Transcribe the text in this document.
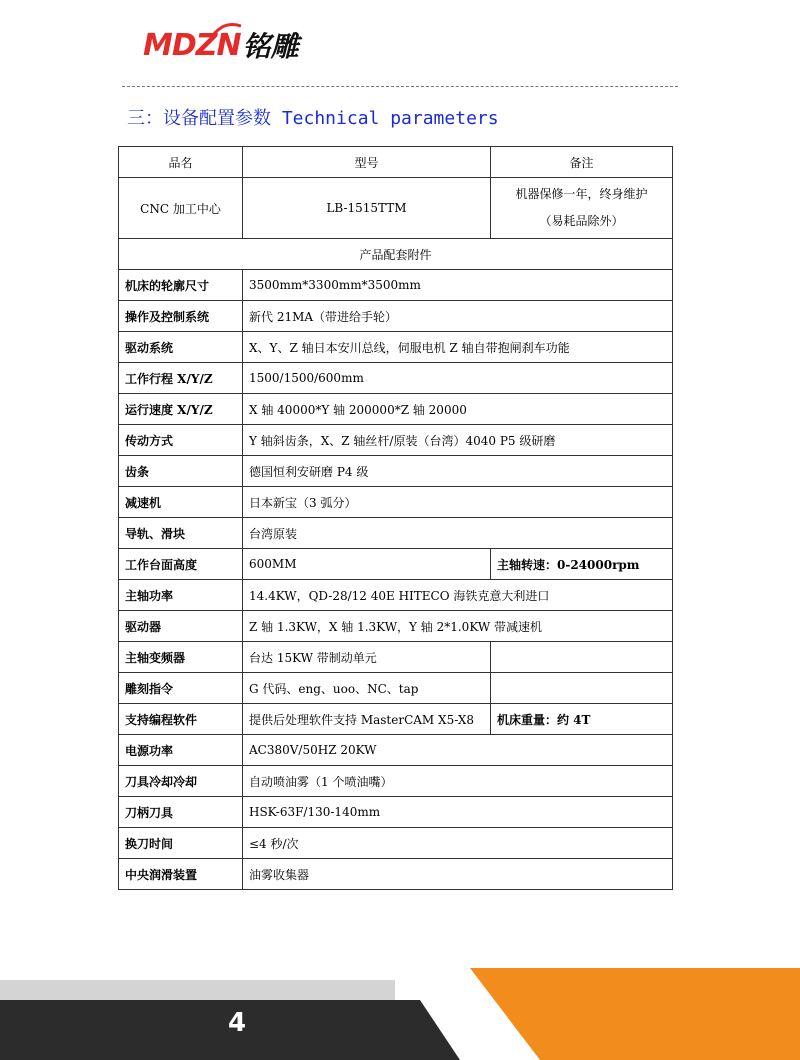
MDZN 铭雕
三：设备配置参数 Technical parameters
品名	型号	备注
CNC 加工中心	LB-1515TTM	机器保修一年，终身维护
（易耗品除外）

产品配套附件		
机床的轮廓尺寸	3500mm*3300mm*3500mm	
操作及控制系统	新代 21MA（带进给手轮）	
驱动系统	X、Y、Z 轴日本安川总线，伺服电机 Z 轴自带抱闸刹车功能	
工作行程 X/Y/Z	1500/1500/600mm	
运行速度 X/Y/Z	X 轴 40000*Y 轴 200000*Z 轴 20000	
传动方式	Y 轴斜齿条，X、Z 轴丝杆/原装（台湾）4040 P5 级研磨	
齿条	德国恒利安研磨 P4 级	
减速机	日本新宝（3 弧分）	
导轨、滑块	台湾原装	
工作台面高度	600MM	主轴转速：0-24000rpm
主轴功率	14.4KW，QD-28/12 40E HITECO 海铁克意大利进口	
驱动器	Z 轴 1.3KW，X 轴 1.3KW，Y 轴 2*1.0KW 带减速机	
主轴变频器	台达 15KW 带制动单元	
雕刻指令	G 代码、eng、uoo、NC、tap	
支持编程软件	提供后处理软件支持 MasterCAM X5-X8	机床重量：约 4T
电源功率	AC380V/50HZ 20KW	
刀具冷却冷却	自动喷油雾（1 个喷油嘴）	
刀柄刀具	HSK-63F/130-140mm	
换刀时间	≤4 秒/次	
中央润滑装置	油雾收集器	
4
